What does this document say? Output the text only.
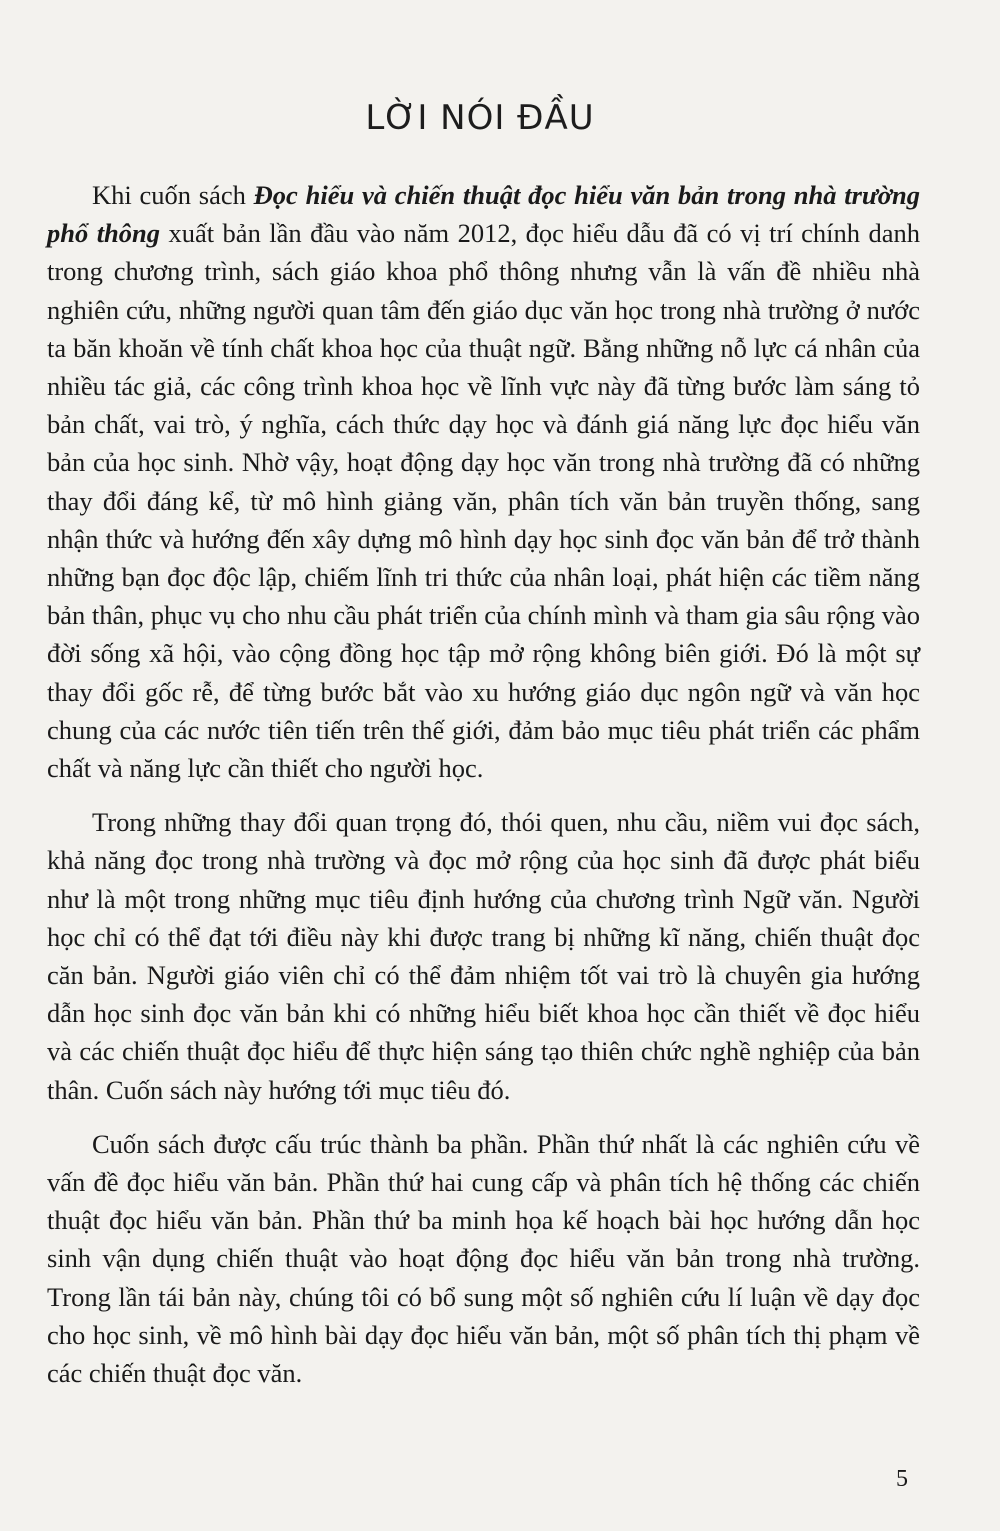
LỜI NÓI ĐẦU

Khi cuốn sách Đọc hiểu và chiến thuật đọc hiểu văn bản trong nhà trường phổ thông xuất bản lần đầu vào năm 2012, đọc hiểu dẫu đã có vị trí chính danh trong chương trình, sách giáo khoa phổ thông nhưng vẫn là vấn đề nhiều nhà nghiên cứu, những người quan tâm đến giáo dục văn học trong nhà trường ở nước ta băn khoăn về tính chất khoa học của thuật ngữ. Bằng những nỗ lực cá nhân của nhiều tác giả, các công trình khoa học về lĩnh vực này đã từng bước làm sáng tỏ bản chất, vai trò, ý nghĩa, cách thức dạy học và đánh giá năng lực đọc hiểu văn bản của học sinh. Nhờ vậy, hoạt động dạy học văn trong nhà trường đã có những thay đổi đáng kể, từ mô hình giảng văn, phân tích văn bản truyền thống, sang nhận thức và hướng đến xây dựng mô hình dạy học sinh đọc văn bản để trở thành những bạn đọc độc lập, chiếm lĩnh tri thức của nhân loại, phát hiện các tiềm năng bản thân, phục vụ cho nhu cầu phát triển của chính mình và tham gia sâu rộng vào đời sống xã hội, vào cộng đồng học tập mở rộng không biên giới. Đó là một sự thay đổi gốc rễ, để từng bước bắt vào xu hướng giáo dục ngôn ngữ và văn học chung của các nước tiên tiến trên thế giới, đảm bảo mục tiêu phát triển các phẩm chất và năng lực cần thiết cho người học.

Trong những thay đổi quan trọng đó, thói quen, nhu cầu, niềm vui đọc sách, khả năng đọc trong nhà trường và đọc mở rộng của học sinh đã được phát biểu như là một trong những mục tiêu định hướng của chương trình Ngữ văn. Người học chỉ có thể đạt tới điều này khi được trang bị những kĩ năng, chiến thuật đọc căn bản. Người giáo viên chỉ có thể đảm nhiệm tốt vai trò là chuyên gia hướng dẫn học sinh đọc văn bản khi có những hiểu biết khoa học cần thiết về đọc hiểu và các chiến thuật đọc hiểu để thực hiện sáng tạo thiên chức nghề nghiệp của bản thân. Cuốn sách này hướng tới mục tiêu đó.

Cuốn sách được cấu trúc thành ba phần. Phần thứ nhất là các nghiên cứu về vấn đề đọc hiểu văn bản. Phần thứ hai cung cấp và phân tích hệ thống các chiến thuật đọc hiểu văn bản. Phần thứ ba minh họa kế hoạch bài học hướng dẫn học sinh vận dụng chiến thuật vào hoạt động đọc hiểu văn bản trong nhà trường. Trong lần tái bản này, chúng tôi có bổ sung một số nghiên cứu lí luận về dạy đọc cho học sinh, về mô hình bài dạy đọc hiểu văn bản, một số phân tích thị phạm về các chiến thuật đọc văn.

5
